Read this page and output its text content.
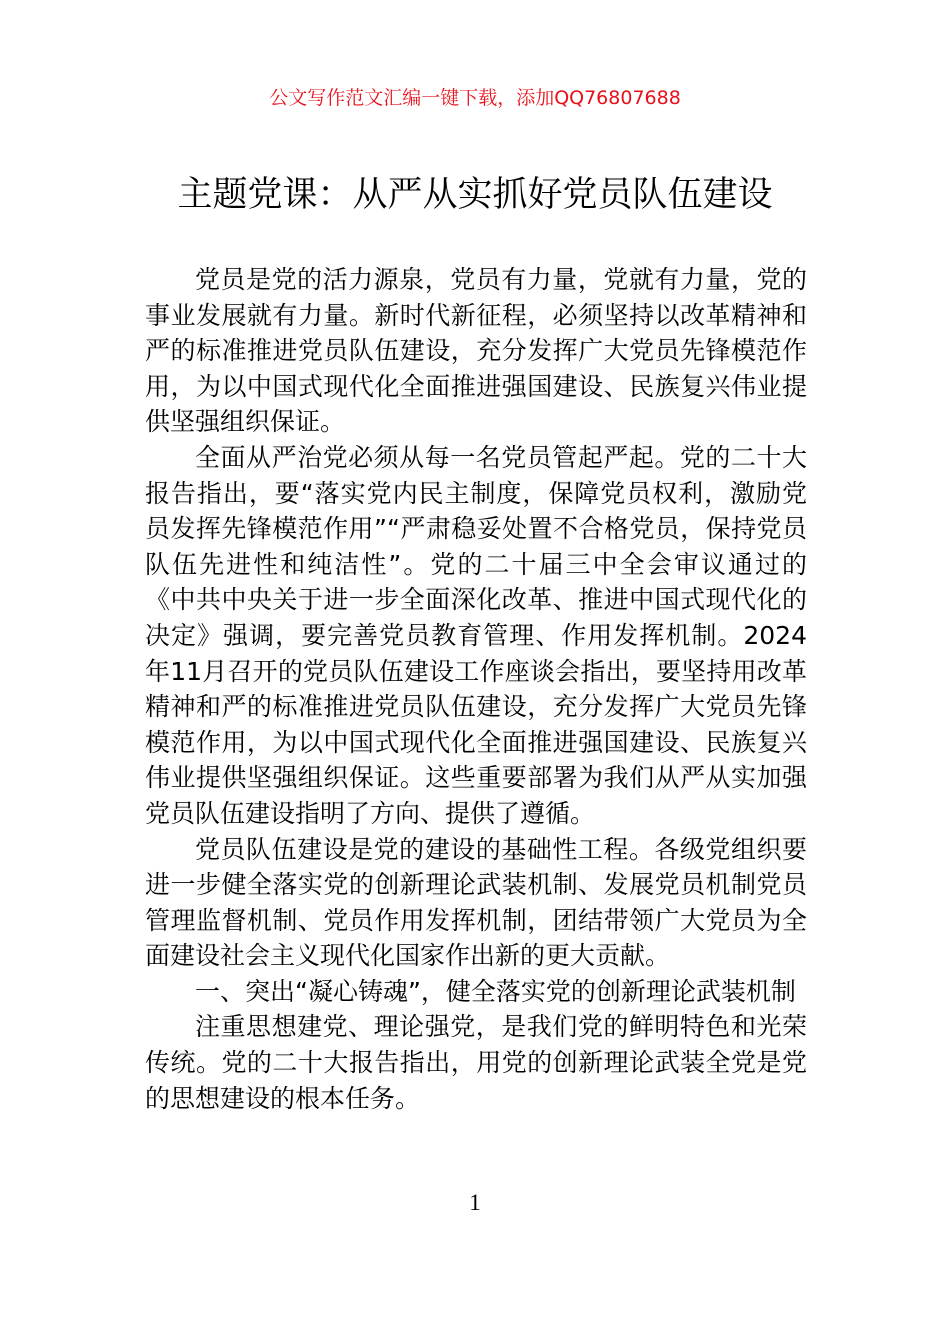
公文写作范文汇编一键下载，添加QQ76807688
主题党课：从严从实抓好党员队伍建设

党员是党的活力源泉，党员有力量，党就有力量，党的事业发展就有力量。新时代新征程，必须坚持以改革精神和严的标准推进党员队伍建设，充分发挥广大党员先锋模范作用，为以中国式现代化全面推进强国建设、民族复兴伟业提供坚强组织保证。

全面从严治党必须从每一名党员管起严起。党的二十大报告指出，要“落实党内民主制度，保障党员权利，激励党员发挥先锋模范作用”“严肃稳妥处置不合格党员，保持党员队伍先进性和纯洁性”。党的二十届三中全会审议通过的《中共中央关于进一步全面深化改革、推进中国式现代化的决定》强调，要完善党员教育管理、作用发挥机制。2024年11月召开的党员队伍建设工作座谈会指出，要坚持用改革精神和严的标准推进党员队伍建设，充分发挥广大党员先锋模范作用，为以中国式现代化全面推进强国建设、民族复兴伟业提供坚强组织保证。这些重要部署为我们从严从实加强党员队伍建设指明了方向、提供了遵循。

党员队伍建设是党的建设的基础性工程。各级党组织要进一步健全落实党的创新理论武装机制、发展党员机制党员管理监督机制、党员作用发挥机制，团结带领广大党员为全面建设社会主义现代化国家作出新的更大贡献。

一、突出“凝心铸魂”，健全落实党的创新理论武装机制

注重思想建党、理论强党，是我们党的鲜明特色和光荣传统。党的二十大报告指出，用党的创新理论武装全党是党的思想建设的根本任务。

1
